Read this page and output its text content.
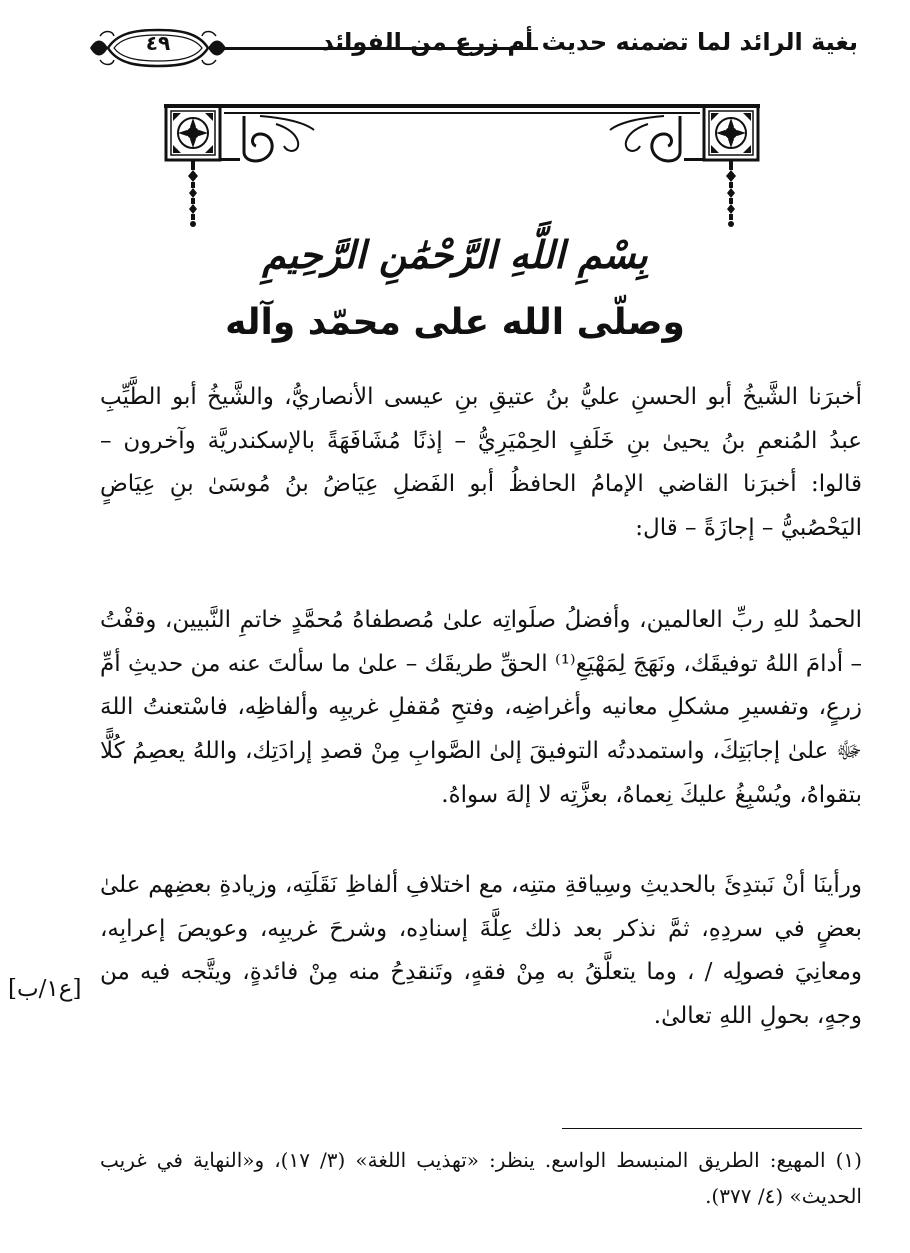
بغية الرائد لما تضمنه حديث أم زرع من الفوائد
٤٩
بِسْمِ اللَّهِ الرَّحْمَٰنِ الرَّحِيمِ
وصلّى الله على محمّد وآله

أخبرَنا الشَّيخُ أبو الحسنِ عليُّ بنُ عتيقِ بنِ عيسى الأنصاريُّ، والشَّيخُ أبو الطَّيِّبِ عبدُ المُنعمِ بنُ يحيىٰ بنِ خَلَفٍ الحِمْيَرِيُّ – إذنًا مُشَافَهَةً بالإسكندريَّة وآخرون – قالوا: أخبرَنا القاضي الإمامُ الحافظُ أبو الفَضلِ عِيَاضُ بنُ مُوسَىٰ بنِ عِيَاضٍ اليَحْصُبيُّ – إجازَةً – قال:

الحمدُ للهِ ربِّ العالمين، وأفضلُ صلَواتِه علىٰ مُصطفاهُ مُحمَّدٍ خاتمِ النَّبيين، وقفْتُ – أدامَ اللهُ توفيقَك، ونَهَجَ لِمَهْيَعِ⁽¹⁾ الحقِّ طريقَك – علىٰ ما سألتَ عنه من حديثِ أمِّ زرعٍ، وتفسيرِ مشكلِ معانيه وأغراضِه، وفتحِ مُقفلِ غريبِه وألفاظِه، فاسْتعنتُ اللهَ ﷻ علىٰ إجابَتِكَ، واستمددتُه التوفيقَ إلىٰ الصَّوابِ مِنْ قصدِ إرادَتِك، واللهُ يعصِمُ كُلًّا بتقواهُ، ويُسْبِغُ عليكَ نِعماهُ، بعزَّتِه لا إلهَ سواهُ.

ورأينَا أنْ نَبتدِئَ بالحديثِ وسِياقةِ متنِه، مع اختلافِ ألفاظِ نَقَلَتِه، وزيادةِ بعضِهم علىٰ بعضٍ في سردِهِ، ثمَّ نذكر بعد ذلك عِلَّةَ إسنادِه، وشرحَ غريبِه، وعويصَ إعرابِه، ومعانِيَ فصولِه / ، وما يتعلَّقُ به مِنْ فقهٍ، وتَنقدِحُ منه مِنْ فائدةٍ، ويتَّجه فيه من وجهٍ، بحولِ اللهِ تعالىٰ.

[ع١/ب]

(١) المهيع: الطريق المنبسط الواسع. ينظر: «تهذيب اللغة» (٣/ ١٧)، و«النهاية في غريب الحديث» (٤/ ٣٧٧).
